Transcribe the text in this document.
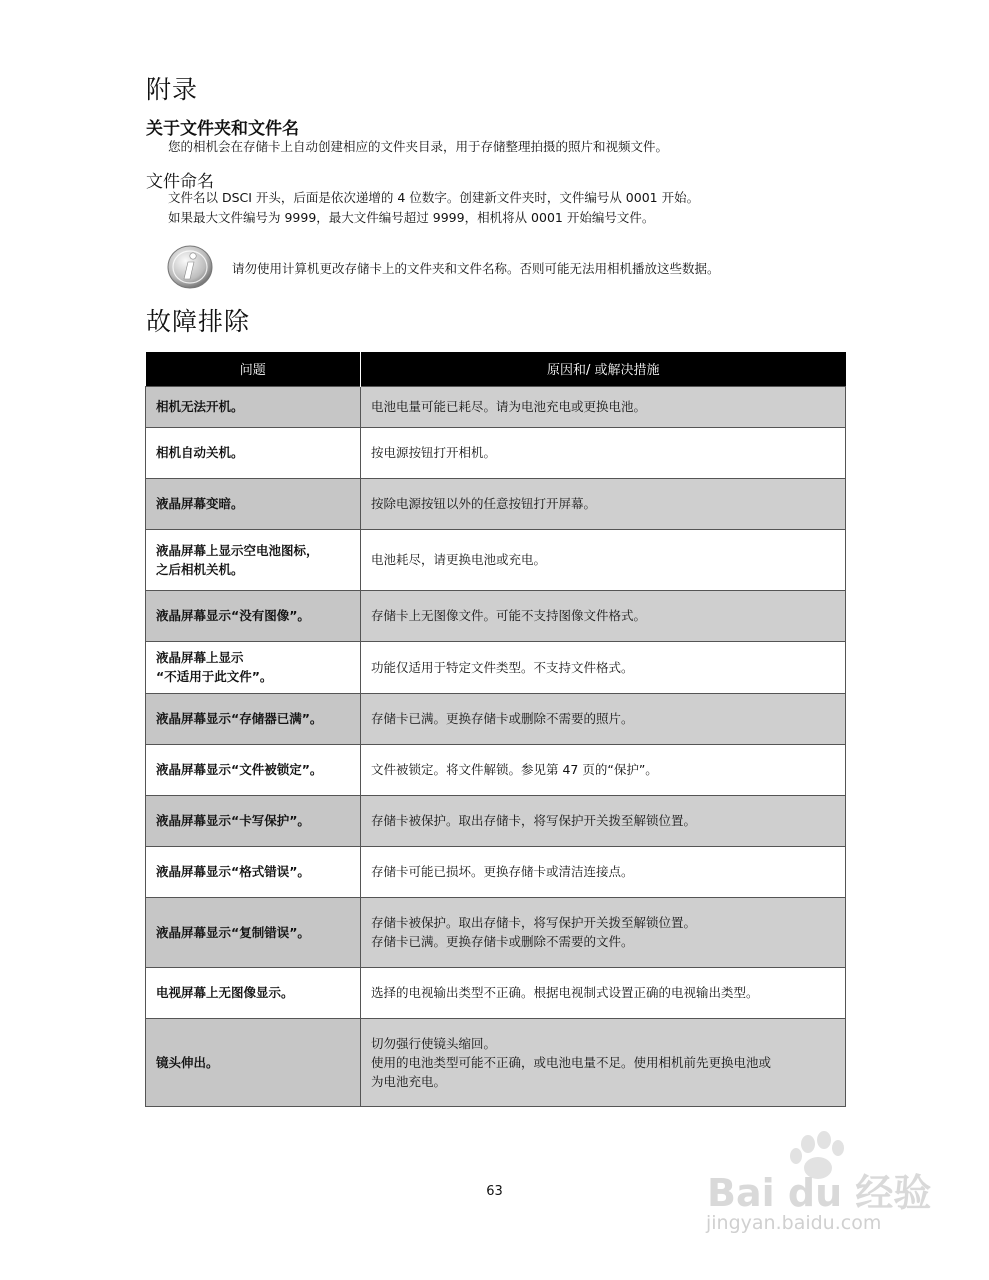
附录
关于文件夹和文件名
您的相机会在存储卡上自动创建相应的文件夹目录，用于存储整理拍摄的照片和视频文件。
文件命名
文件名以 DSCI 开头，后面是依次递增的 4 位数字。创建新文件夹时，文件编号从 0001 开始。
如果最大文件编号为 9999，最大文件编号超过 9999，相机将从 0001 开始编号文件。
请勿使用计算机更改存储卡上的文件夹和文件名称。否则可能无法用相机播放这些数据。
故障排除
问题	原因和/ 或解决措施

相机无法开机。	电池电量可能已耗尽。请为电池充电或更换电池。

相机自动关机。	按电源按钮打开相机。

液晶屏幕变暗。	按除电源按钮以外的任意按钮打开屏幕。

液晶屏幕上显示空电池图标，
之后相机关机。	电池耗尽，请更换电池或充电。

液晶屏幕显示“没有图像”。	存储卡上无图像文件。可能不支持图像文件格式。

液晶屏幕上显示
“不适用于此文件”。	功能仅适用于特定文件类型。不支持文件格式。

液晶屏幕显示“存储器已满”。	存储卡已满。更换存储卡或删除不需要的照片。

液晶屏幕显示“文件被锁定”。	文件被锁定。将文件解锁。参见第 47 页的“保护”。

液晶屏幕显示“卡写保护”。	存储卡被保护。取出存储卡，将写保护开关拨至解锁位置。

液晶屏幕显示“格式错误”。	存储卡可能已损坏。更换存储卡或清洁连接点。

液晶屏幕显示“复制错误”。	存储卡被保护。取出存储卡，将写保护开关拨至解锁位置。
存储卡已满。更换存储卡或删除不需要的文件。

电视屏幕上无图像显示。	选择的电视输出类型不正确。根据电视制式设置正确的电视输出类型。

镜头伸出。	切勿强行使镜头缩回。
使用的电池类型可能不正确，或电池电量不足。使用相机前先更换电池或
为电池充电。
63	Bai du 经验
jingyan.baidu.com
